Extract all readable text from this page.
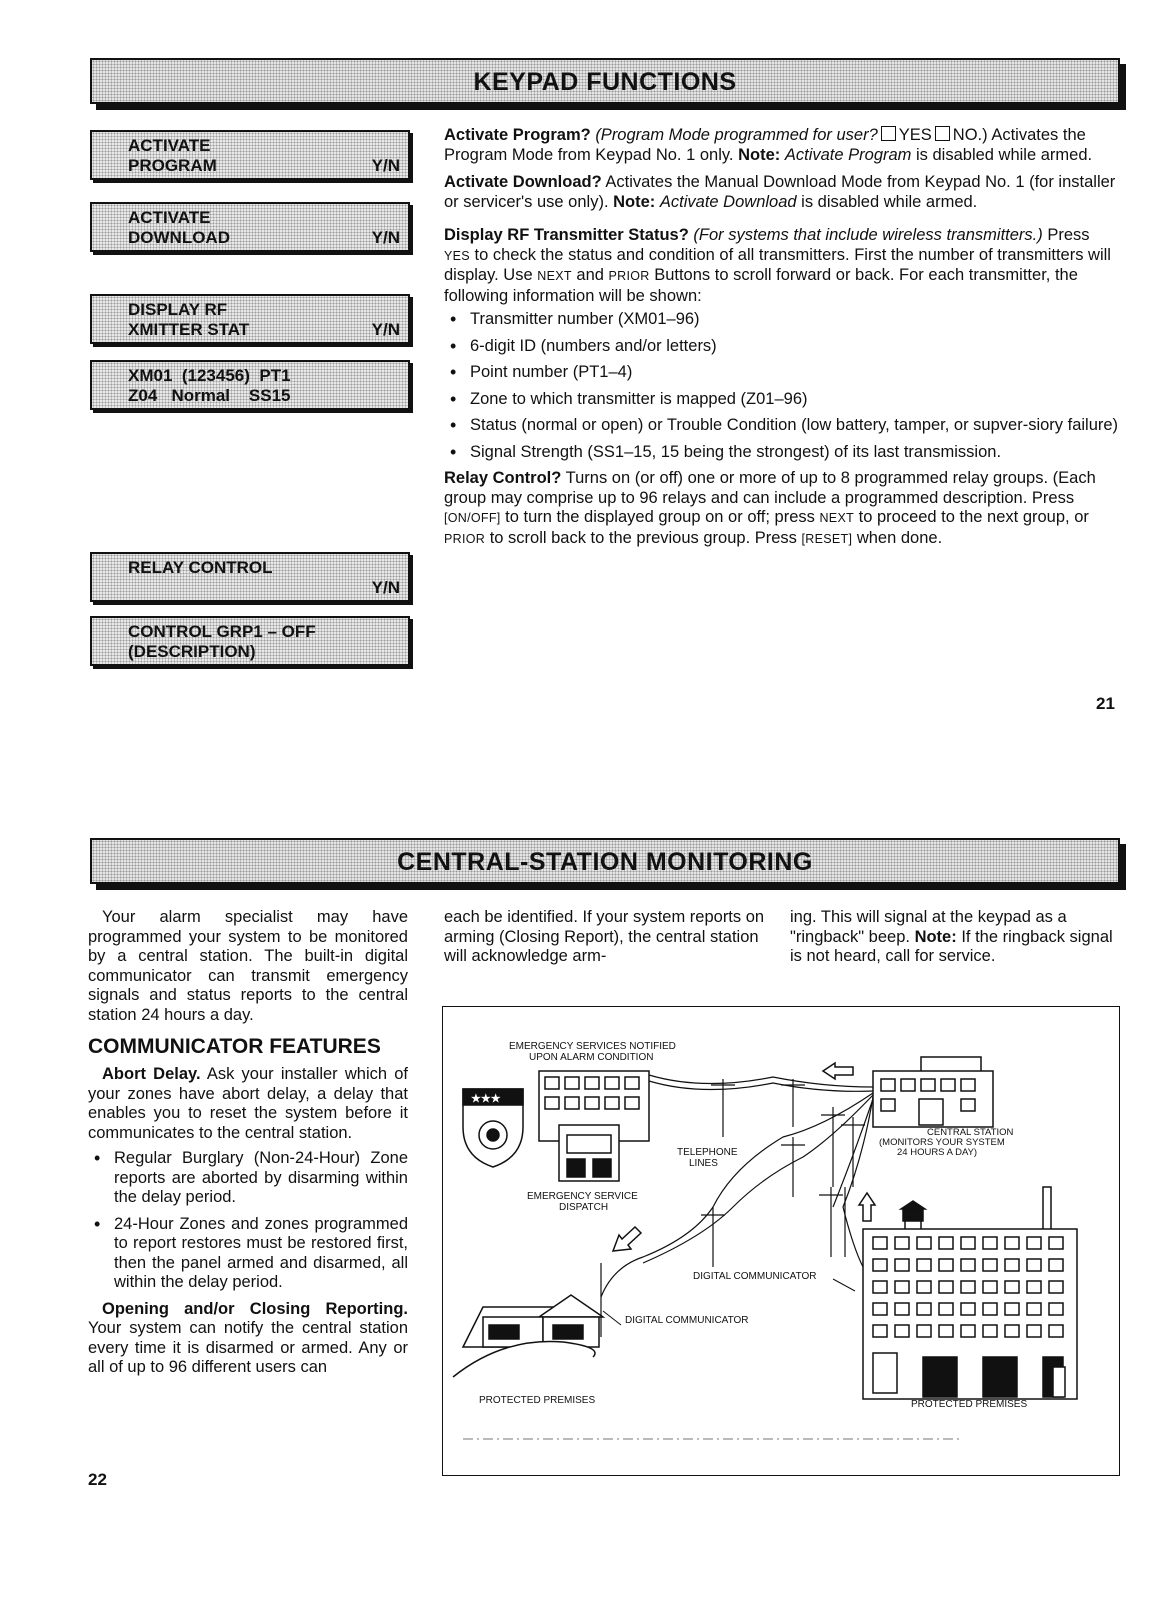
KEYPAD FUNCTIONS
ACTIVATE
PROGRAM	Y/N
ACTIVATE
DOWNLOAD	Y/N
DISPLAY RF
XMITTER STAT	Y/N
XM01  (123456)  PT1
Z04   Normal    SS15
RELAY CONTROL
Y/N
CONTROL GRP1 – OFF
(DESCRIPTION)

Activate Program? (Program Mode programmed for user? YES NO.) Activates the Program Mode from Keypad No. 1 only. Note: Activate Program is disabled while armed.

Activate Download? Activates the Manual Download Mode from Keypad No. 1 (for installer or servicer's use only). Note: Activate Download is disabled while armed.

Display RF Transmitter Status? (For systems that include wireless transmitters.) Press YES to check the status and condition of all transmitters. First the number of transmitters will display. Use NEXT and PRIOR Buttons to scroll forward or back. For each transmitter, the following information will be shown:

• Transmitter number (XM01–96)
• 6-digit ID (numbers and/or letters)
• Point number (PT1–4)
• Zone to which transmitter is mapped (Z01–96)
• Status (normal or open) or Trouble Condition (low battery, tamper, or supver-siory failure)
• Signal Strength (SS1–15, 15 being the strongest) of its last transmission.

Relay Control? Turns on (or off) one or more of up to 8 programmed relay groups. (Each group may comprise up to 96 relays and can include a programmed description. Press [ON/OFF] to turn the displayed group on or off; press NEXT to proceed to the next group, or PRIOR to scroll back to the previous group. Press [RESET] when done.

21
CENTRAL-STATION MONITORING

Your alarm specialist may have programmed your system to be monitored by a central station. The built-in digital communicator can transmit emergency signals and status reports to the central station 24 hours a day.

COMMUNICATOR FEATURES

Abort Delay. Ask your installer which of your zones have abort delay, a delay that enables you to reset the system before it communicates to the central station.

• Regular Burglary (Non-24-Hour) Zone reports are aborted by disarming within the delay period.
• 24-Hour Zones and zones programmed to report restores must be restored first, then the panel armed and disarmed, all within the delay period.

Opening and/or Closing Reporting. Your system can notify the central station every time it is disarmed or armed. Any or all of up to 96 different users can

each be identified. If your system reports on arming (Closing Report), the central station will acknowledge arm-

ing. This will signal at the keypad as a "ringback" beep. Note: If the ringback signal is not heard, call for service.

22
★★★
EMERGENCY SERVICES NOTIFIED
UPON ALARM CONDITION
CENTRAL STATION
(MONITORS YOUR SYSTEM
24 HOURS A DAY)
TELEPHONE
LINES
EMERGENCY SERVICE
DISPATCH
DIGITAL COMMUNICATOR
DIGITAL COMMUNICATOR
PROTECTED PREMISES	PROTECTED PREMISES
